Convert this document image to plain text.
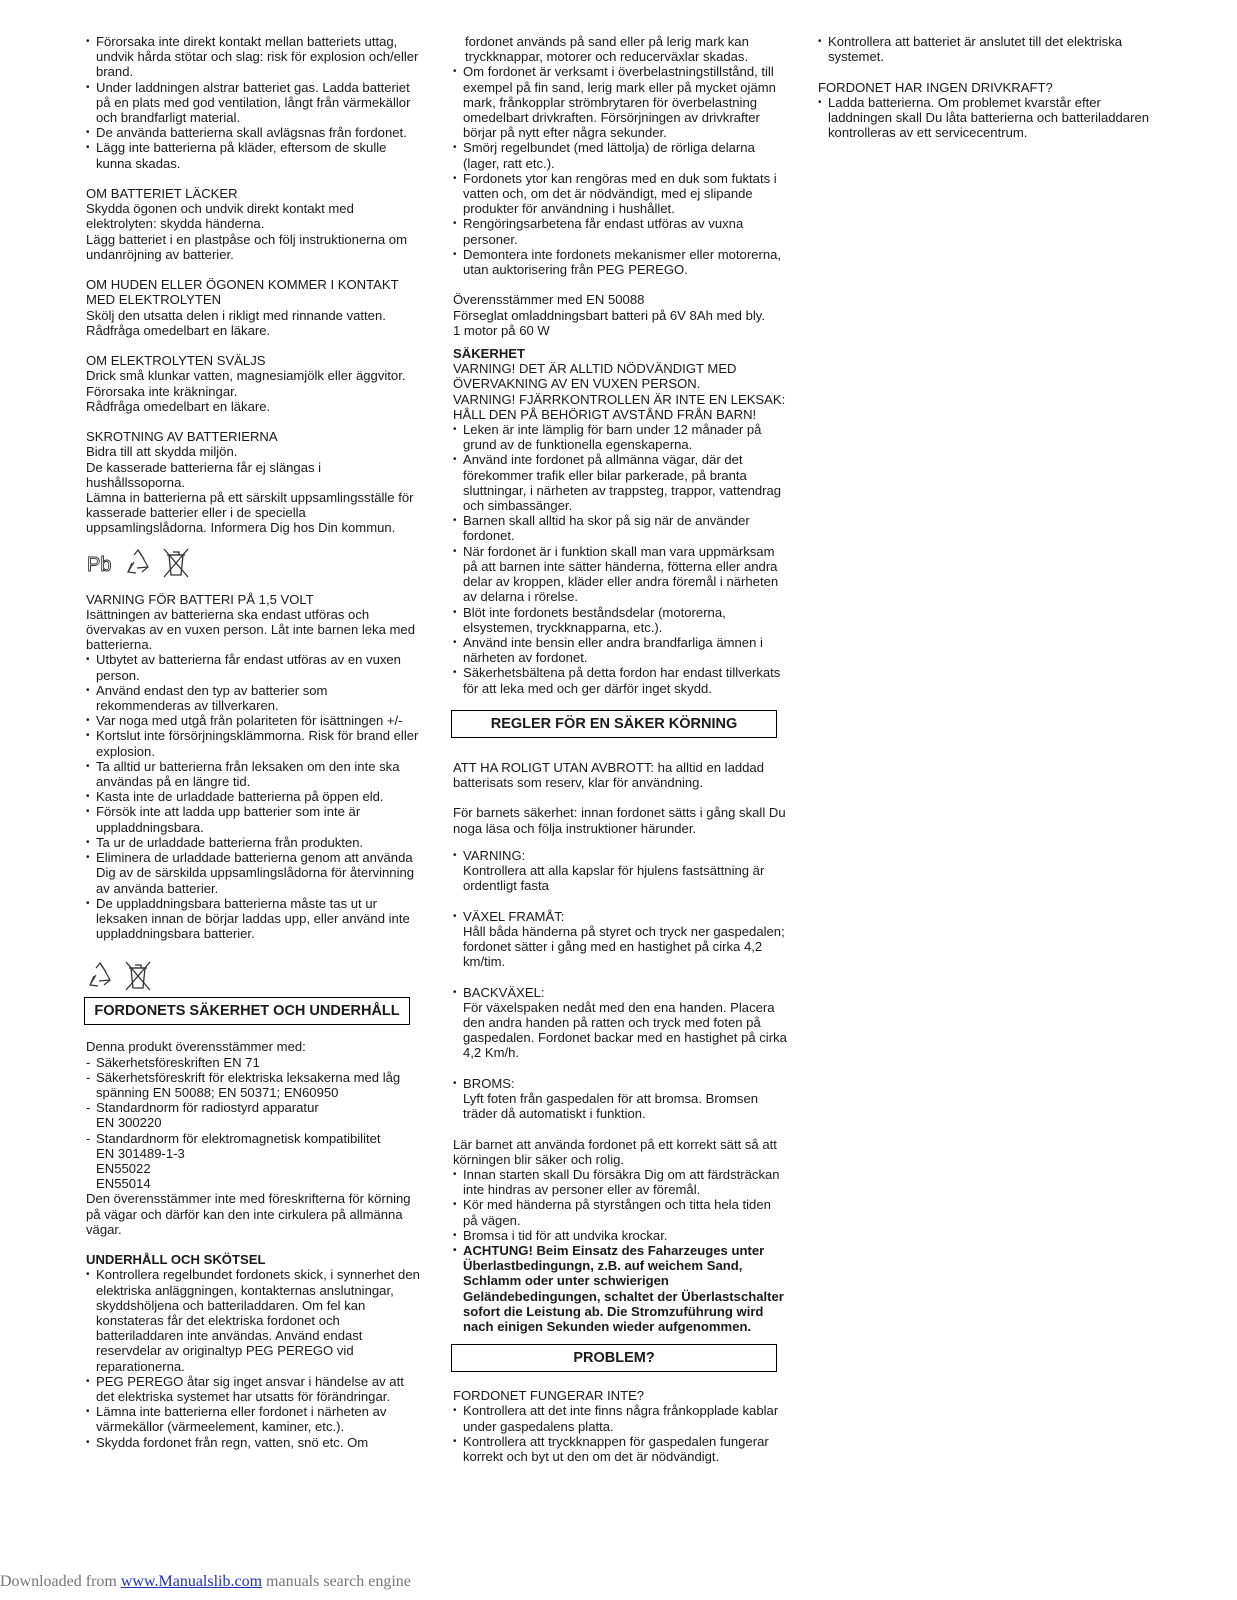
• Förorsaka inte direkt kontakt mellan batteriets uttag, undvik hårda stötar och slag: risk för explosion och/eller brand.
• Under laddningen alstrar batteriet gas. Ladda batteriet på en plats med god ventilation, långt från värmekällor och brandfarligt material.
• De använda batterierna skall avlägsnas från fordonet.
• Lägg inte batterierna på kläder, eftersom de skulle kunna skadas.
OM BATTERIET LÄCKER
Skydda ögonen och undvik direkt kontakt med elektrolyten: skydda händerna.
Lägg batteriet i en plastpåse och följ instruktionerna om undanröjning av batterier.
OM HUDEN ELLER ÖGONEN KOMMER I KONTAKT MED ELEKTROLYTEN
Skölj den utsatta delen i rikligt med rinnande vatten.
Rådfråga omedelbart en läkare.
OM ELEKTROLYTEN SVÄLJS
Drick små klunkar vatten, magnesiamjölk eller äggvitor.
Förorsaka inte kräkningar.
Rådfråga omedelbart en läkare.
SKROTNING AV BATTERIERNA
Bidra till att skydda miljön.
De kasserade batterierna får ej slängas i hushållssoporna.
Lämna in batterierna på ett särskilt uppsamlingsställe för kasserade batterier eller i de speciella uppsamlingslådorna. Informera Dig hos Din kommun.
Pb
VARNING FÖR BATTERI PÅ 1,5 VOLT
Isättningen av batterierna ska endast utföras och övervakas av en vuxen person. Låt inte barnen leka med batterierna.
• Utbytet av batterierna får endast utföras av en vuxen person.
• Använd endast den typ av batterier som rekommenderas av tillverkaren.
• Var noga med utgå från polariteten för isättningen +/-
• Kortslut inte försörjningsklämmorna. Risk för brand eller explosion.
• Ta alltid ur batterierna från leksaken om den inte ska användas på en längre tid.
• Kasta inte de urladdade batterierna på öppen eld.
• Försök inte att ladda upp batterier som inte är uppladdningsbara.
• Ta ur de urladdade batterierna från produkten.
• Eliminera de urladdade batterierna genom att använda Dig av de särskilda uppsamlingslådorna för återvinning av använda batterier.
• De uppladdningsbara batterierna måste tas ut ur leksaken innan de börjar laddas upp, eller använd inte uppladdningsbara batterier.
FORDONETS SÄKERHET OCH UNDERHÅLL
Denna produkt överensstämmer med:
- Säkerhetsföreskriften EN 71
- Säkerhetsföreskrift för elektriska leksakerna med låg spänning EN 50088; EN 50371; EN60950
- Standardnorm för radiostyrd apparatur
EN 300220
- Standardnorm för elektromagnetisk kompatibilitet
EN 301489-1-3
EN55022
EN55014
Den överensstämmer inte med föreskrifterna för körning på vägar och därför kan den inte cirkulera på allmänna vägar.
UNDERHÅLL OCH SKÖTSEL
• Kontrollera regelbundet fordonets skick, i synnerhet den elektriska anläggningen, kontakternas anslutningar, skyddshöljena och batteriladdaren. Om fel kan konstateras får det elektriska fordonet och batteriladdaren inte användas. Använd endast reservdelar av originaltyp PEG PEREGO vid reparationerna.
• PEG PEREGO åtar sig inget ansvar i händelse av att det elektriska systemet har utsatts för förändringar.
• Lämna inte batterierna eller fordonet i närheten av värmekällor (värmeelement, kaminer, etc.).
• Skydda fordonet från regn, vatten, snö etc. Om
fordonet används på sand eller på lerig mark kan tryckknappar, motorer och reducerväxlar skadas.
• Om fordonet är verksamt i överbelastningstillstånd, till exempel på fin sand, lerig mark eller på mycket ojämn mark, frånkopplar strömbrytaren för överbelastning omedelbart drivkraften. Försörjningen av drivkrafter börjar på nytt efter några sekunder.
• Smörj regelbundet (med lättolja) de rörliga delarna (lager, ratt etc.).
• Fordonets ytor kan rengöras med en duk som fuktats i vatten och, om det är nödvändigt, med ej slipande produkter för användning i hushållet.
• Rengöringsarbetena får endast utföras av vuxna personer.
• Demontera inte fordonets mekanismer eller motorerna, utan auktorisering från PEG PEREGO.
Överensstämmer med EN 50088
Förseglat omladdningsbart batteri på 6V 8Ah med bly.
1 motor på 60 W
SÄKERHET
VARNING! DET ÄR ALLTID NÖDVÄNDIGT MED ÖVERVAKNING AV EN VUXEN PERSON.
VARNING! FJÄRRKONTROLLEN ÄR INTE EN LEKSAK: HÅLL DEN PÅ BEHÖRIGT AVSTÅND FRÅN BARN!
• Leken är inte lämplig för barn under 12 månader på grund av de funktionella egenskaperna.
• Använd inte fordonet på allmänna vägar, där det förekommer trafik eller bilar parkerade, på branta sluttningar, i närheten av trappsteg, trappor, vattendrag och simbassänger.
• Barnen skall alltid ha skor på sig när de använder fordonet.
• När fordonet är i funktion skall man vara uppmärksam på att barnen inte sätter händerna, fötterna eller andra delar av kroppen, kläder eller andra föremål i närheten av delarna i rörelse.
• Blöt inte fordonets beståndsdelar (motorerna, elsystemen, tryckknapparna, etc.).
• Använd inte bensin eller andra brandfarliga ämnen i närheten av fordonet.
• Säkerhetsbältena på detta fordon har endast tillverkats för att leka med och ger därför inget skydd.
REGLER FÖR EN SÄKER KÖRNING
ATT HA ROLIGT UTAN AVBROTT: ha alltid en laddad batterisats som reserv, klar för användning.
För barnets säkerhet: innan fordonet sätts i gång skall Du noga läsa och följa instruktioner härunder.
• VARNING:
Kontrollera att alla kapslar för hjulens fastsättning är ordentligt fasta
• VÄXEL FRAMÅT:
Håll båda händerna på styret och tryck ner gaspedalen; fordonet sätter i gång med en hastighet på cirka 4,2 km/tim.
• BACKVÄXEL:
För växelspaken nedåt med den ena handen. Placera den andra handen på ratten och tryck med foten på gaspedalen. Fordonet backar med en hastighet på cirka 4,2 Km/h.
• BROMS:
Lyft foten från gaspedalen för att bromsa. Bromsen träder då automatiskt i funktion.
Lär barnet att använda fordonet på ett korrekt sätt så att körningen blir säker och rolig.
• Innan starten skall Du försäkra Dig om att färdsträckan inte hindras av personer eller av föremål.
• Kör med händerna på styrstången och titta hela tiden på vägen.
• Bromsa i tid för att undvika krockar.
• ACHTUNG! Beim Einsatz des Faharzeuges unter Überlastbedingungn, z.B. auf weichem Sand, Schlamm oder unter schwierigen Geländebedingungen, schaltet der Überlastschalter sofort die Leistung ab. Die Stromzuführung wird nach einigen Sekunden wieder aufgenommen.
PROBLEM?
FORDONET FUNGERAR INTE?
• Kontrollera att det inte finns några frånkopplade kablar under gaspedalens platta.
• Kontrollera att tryckknappen för gaspedalen fungerar korrekt och byt ut den om det är nödvändigt.
• Kontrollera att batteriet är anslutet till det elektriska systemet.
FORDONET HAR INGEN DRIVKRAFT?
• Ladda batterierna. Om problemet kvarstår efter laddningen skall Du låta batterierna och batteriladdaren kontrolleras av ett servicecentrum.
Downloaded from www.Manualslib.com manuals search engine
